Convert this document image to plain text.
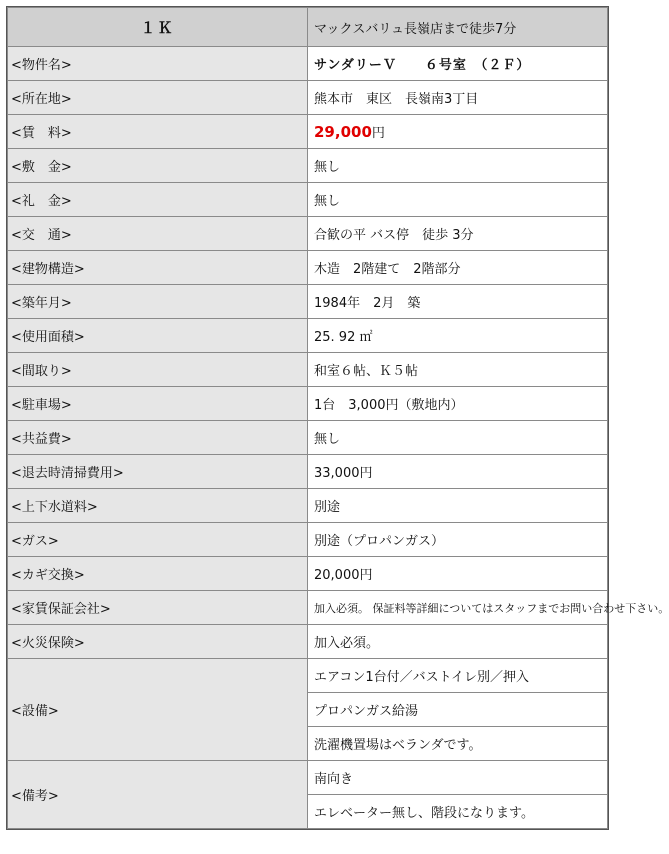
１Ｋ	マックスバリュ長嶺店まで徒歩7分
<物件名>	サンダリーＶ　　６号室　（２Ｆ）
<所在地>	熊本市　東区　長嶺南3丁目
<賃　料>	29,000円
<敷　金>	無し
<礼　金>	無し
<交　通>	合歓の平 バス停　徒歩 3分
<建物構造>	木造　2階建て　2階部分
<築年月>	1984年　2月　築
<使用面積>	25. 92 ㎡
<間取り>	和室６帖、Ｋ５帖
<駐車場>	1台　3,000円（敷地内）
<共益費>	無し
<退去時清掃費用>	33,000円
<上下水道料>	別途
<ガス>	別途（プロパンガス）
<カギ交換>	20,000円
<家賃保証会社>	加入必須。 保証料等詳細についてはスタッフまでお問い合わせ下さい。
<火災保険>	加入必須。
<設備>	エアコン1台付／バストイレ別／押入
	プロパンガス給湯
	洗濯機置場はベランダです。
<備考>	南向き
	エレベーター無し、階段になります。
